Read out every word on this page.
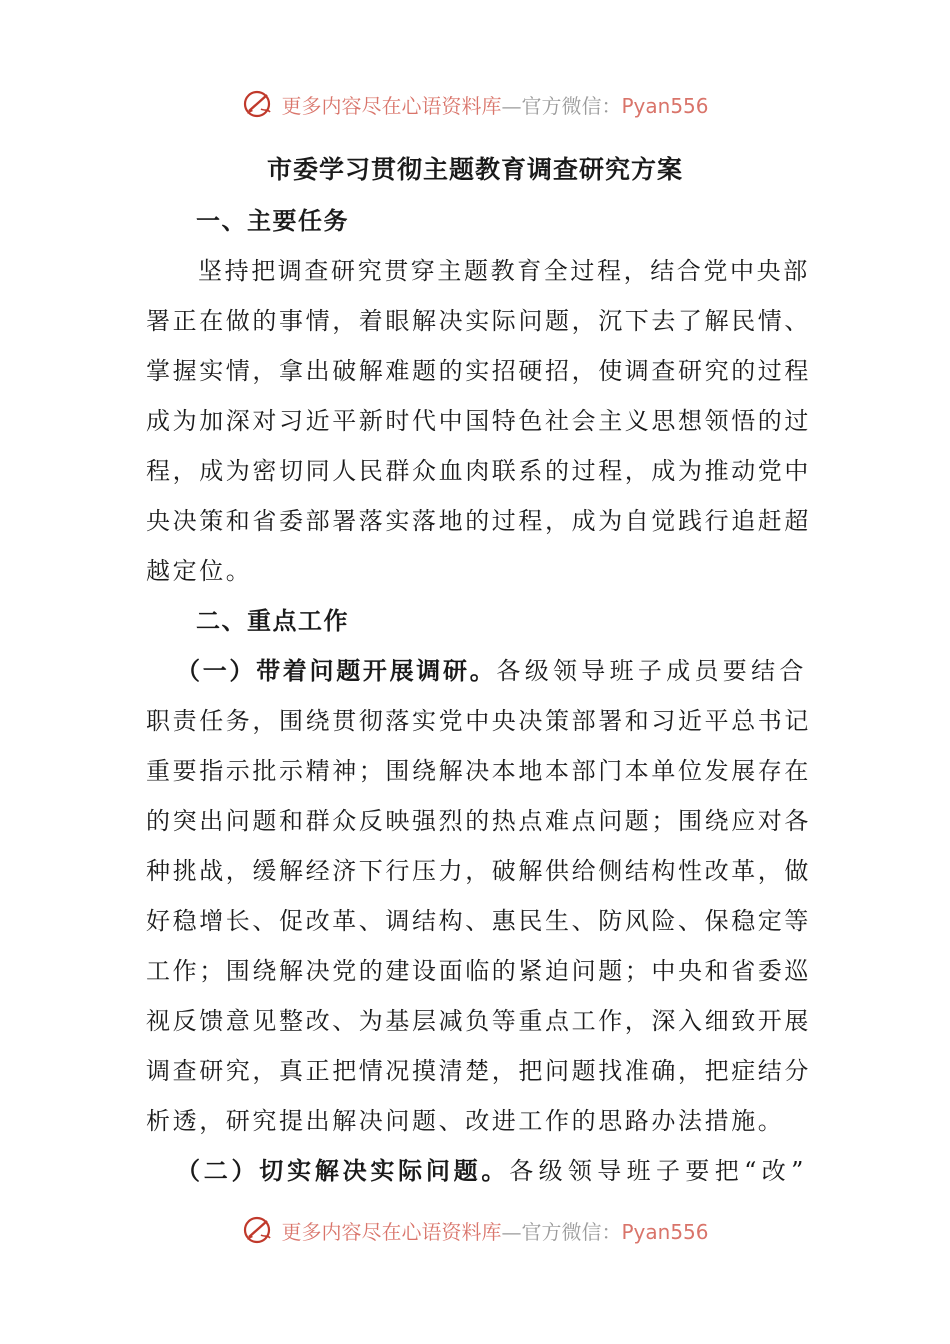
更多内容尽在心语资料库—官方微信：Pyan556
市委学习贯彻主题教育调查研究方案
一、主要任务
坚持把调查研究贯穿主题教育全过程，结合党中央部
署正在做的事情，着眼解决实际问题，沉下去了解民情、
掌握实情，拿出破解难题的实招硬招，使调查研究的过程
成为加深对习近平新时代中国特色社会主义思想领悟的过
程，成为密切同人民群众血肉联系的过程，成为推动党中
央决策和省委部署落实落地的过程，成为自觉践行追赶超
越定位。
二、重点工作
（一）带着问题开展调研。各级领导班子成员要结合
职责任务，围绕贯彻落实党中央决策部署和习近平总书记
重要指示批示精神；围绕解决本地本部门本单位发展存在
的突出问题和群众反映强烈的热点难点问题；围绕应对各
种挑战，缓解经济下行压力，破解供给侧结构性改革，做
好稳增长、促改革、调结构、惠民生、防风险、保稳定等
工作；围绕解决党的建设面临的紧迫问题；中央和省委巡
视反馈意见整改、为基层减负等重点工作，深入细致开展
调查研究，真正把情况摸清楚，把问题找准确，把症结分
析透，研究提出解决问题、改进工作的思路办法措施。
（二）切实解决实际问题。各级领导班子要把“改”
更多内容尽在心语资料库—官方微信：Pyan556
